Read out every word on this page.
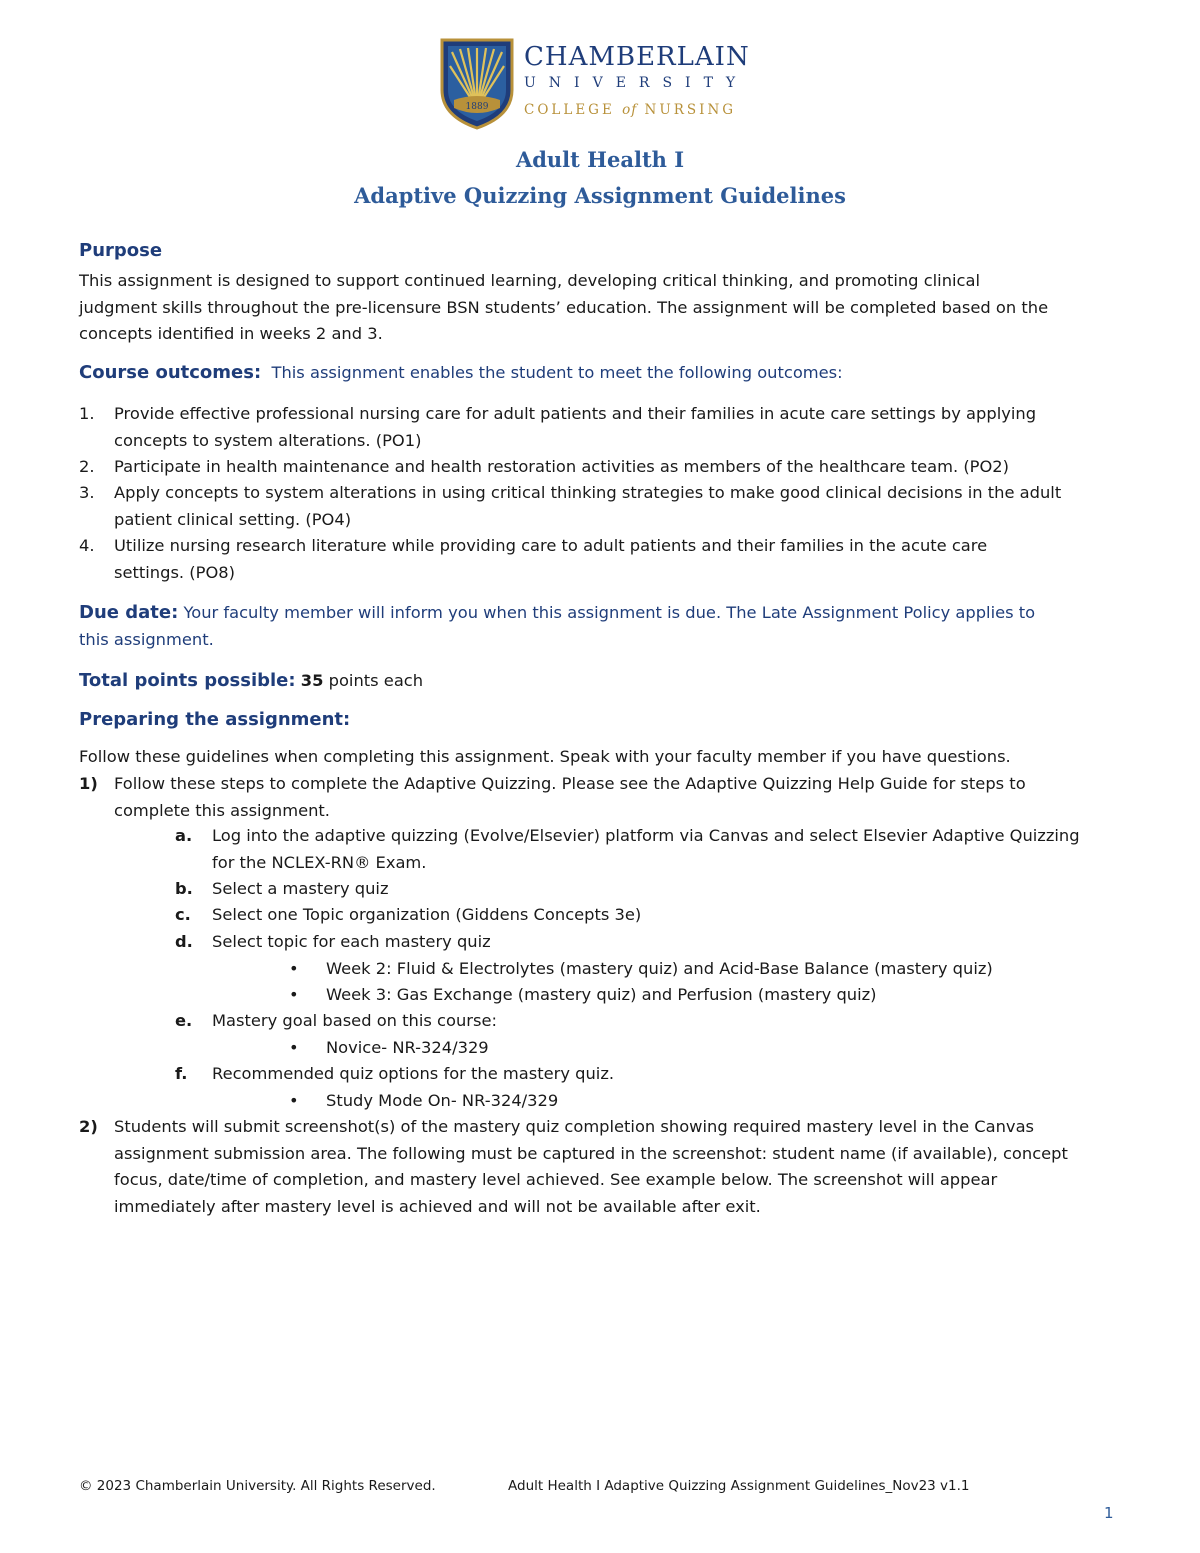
1889
CHAMBERLAIN
UNIVERSITY
COLLEGE of NURSING
Adult Health I
Adaptive Quizzing Assignment Guidelines
Purpose
This assignment is designed to support continued learning, developing critical thinking, and promoting clinical
judgment skills throughout the pre-licensure BSN students’ education. The assignment will be completed based on the
concepts identified in weeks 2 and 3.
Course outcomes: This assignment enables the student to meet the following outcomes:
1. Provide effective professional nursing care for adult patients and their families in acute care settings by applying
concepts to system alterations. (PO1)
2. Participate in health maintenance and health restoration activities as members of the healthcare team. (PO2)
3. Apply concepts to system alterations in using critical thinking strategies to make good clinical decisions in the adult
patient clinical setting. (PO4)
4. Utilize nursing research literature while providing care to adult patients and their families in the acute care
settings. (PO8)
Due date: Your faculty member will inform you when this assignment is due. The Late Assignment Policy applies to
this assignment.
Total points possible: 35 points each
Preparing the assignment:
Follow these guidelines when completing this assignment. Speak with your faculty member if you have questions.
1) Follow these steps to complete the Adaptive Quizzing. Please see the Adaptive Quizzing Help Guide for steps to
complete this assignment.
a. Log into the adaptive quizzing (Evolve/Elsevier) platform via Canvas and select Elsevier Adaptive Quizzing
for the NCLEX-RN® Exam.
b. Select a mastery quiz
c. Select one Topic organization (Giddens Concepts 3e)
d. Select topic for each mastery quiz
• Week 2: Fluid & Electrolytes (mastery quiz) and Acid-Base Balance (mastery quiz)
• Week 3: Gas Exchange (mastery quiz) and Perfusion (mastery quiz)
e. Mastery goal based on this course:
• Novice- NR-324/329
f. Recommended quiz options for the mastery quiz.
• Study Mode On- NR-324/329
2) Students will submit screenshot(s) of the mastery quiz completion showing required mastery level in the Canvas
assignment submission area. The following must be captured in the screenshot: student name (if available), concept
focus, date/time of completion, and mastery level achieved. See example below. The screenshot will appear
immediately after mastery level is achieved and will not be available after exit.
© 2023 Chamberlain University. All Rights Reserved.	Adult Health I Adaptive Quizzing Assignment Guidelines_Nov23 v1.1
1
